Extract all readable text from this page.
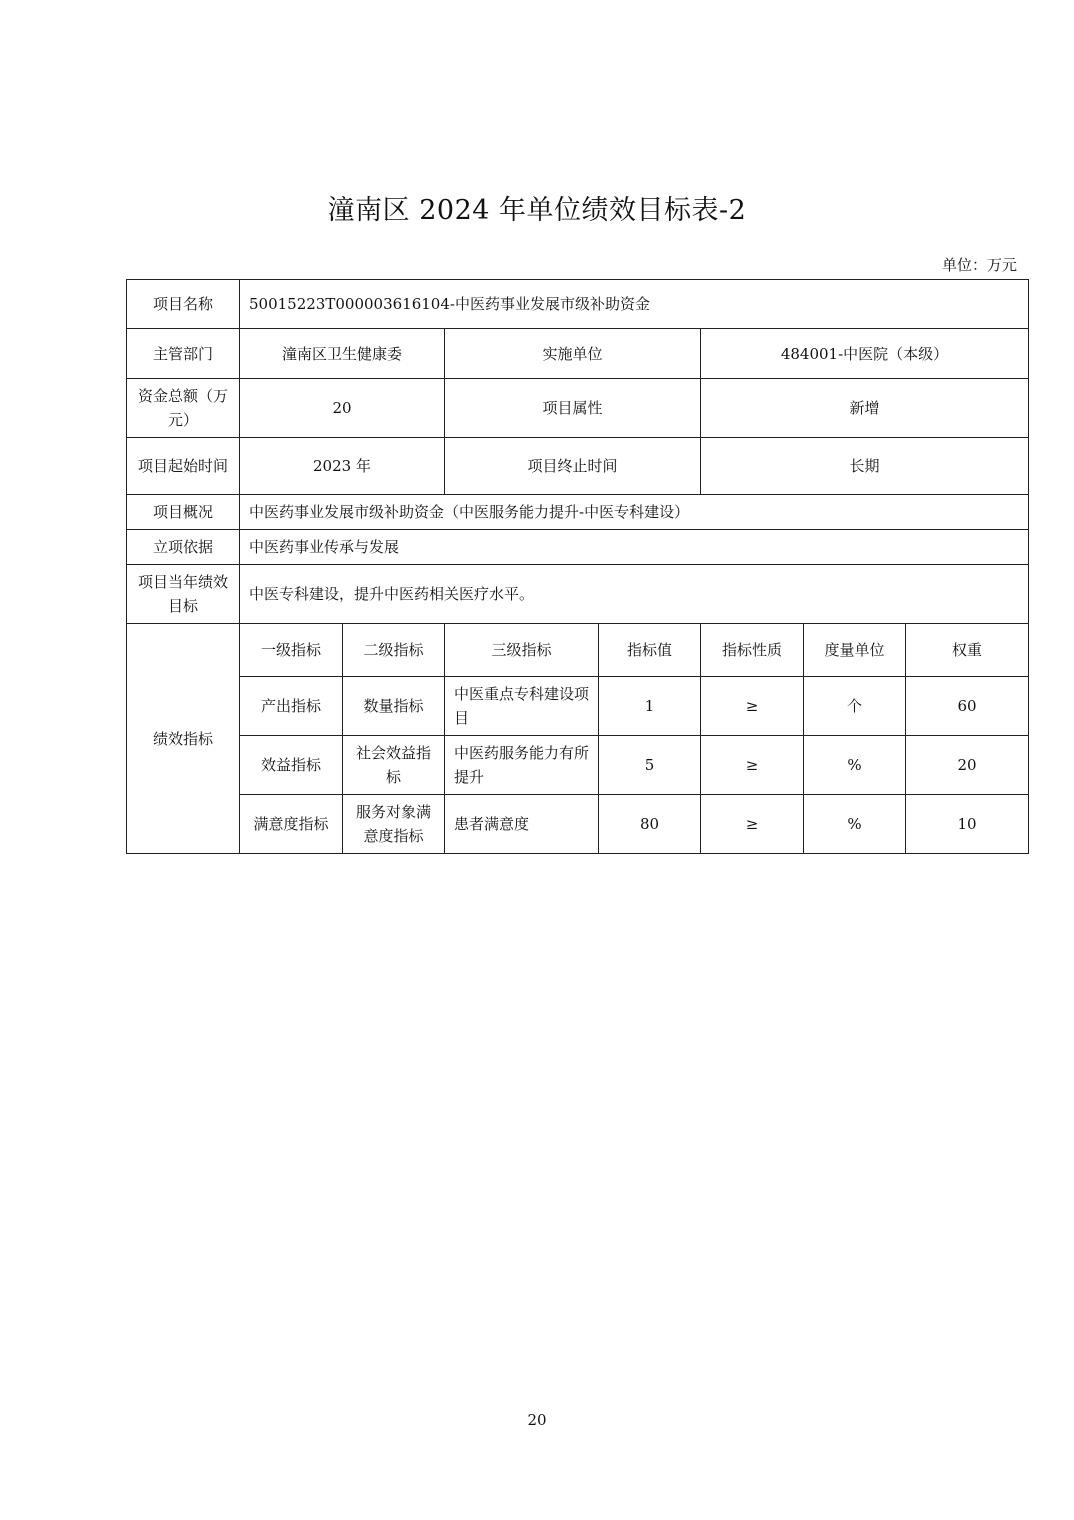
潼南区 2024 年单位绩效目标表-2
单位：万元
项目名称	50015223T000003616104-中医药事业发展市级补助资金						
主管部门	潼南区卫生健康委		实施单位		484001-中医院（本级）		
资金总额（万元）	20		项目属性		新增		
项目起始时间	2023 年		项目终止时间		长期		
项目概况	中医药事业发展市级补助资金（中医服务能力提升-中医专科建设）						
立项依据	中医药事业传承与发展						
项目当年绩效目标	中医专科建设，提升中医药相关医疗水平。						
绩效指标	一级指标	二级指标	三级指标	指标值	指标性质	度量单位	权重
	产出指标	数量指标	中医重点专科建设项目	1	≥	个	60
	效益指标	社会效益指标	中医药服务能力有所提升	5	≥	%	20
	满意度指标	服务对象满意度指标	患者满意度	80	≥	%	10
20
